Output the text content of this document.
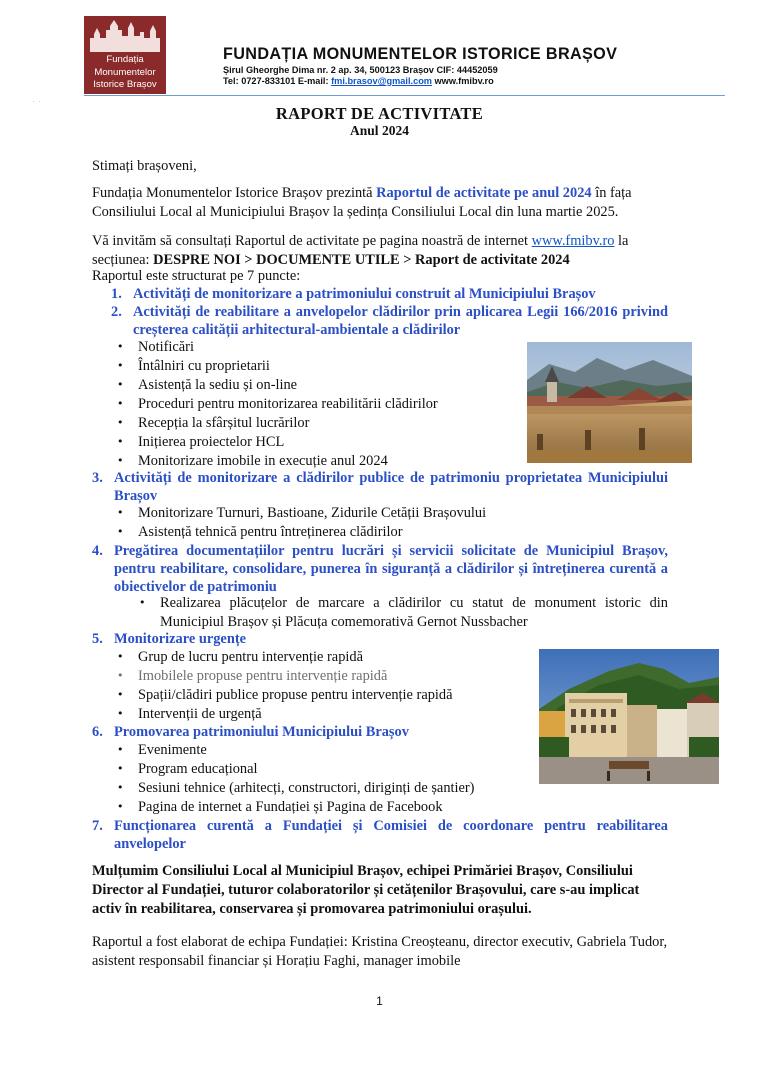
Fundația
Monumentelor
Istorice Brașov
FUNDAȚIA MONUMENTELOR ISTORICE BRAȘOV
Șirul Gheorghe Dima nr. 2 ap. 34, 500123 Brașov CIF: 44452059
Tel: 0727-833101 E-mail: fmi.brasov@gmail.com www.fmibv.ro
..
RAPORT DE ACTIVITATE
Anul 2024

Stimați brașoveni,

Fundația Monumentelor Istorice Brașov prezintă Raportul de activitate pe anul 2024 în fața Consiliului Local al Municipiului Brașov la ședința Consiliului Local din luna martie 2025.

Vă invităm să consultați Raportul de activitate pe pagina noastră de internet www.fmibv.ro la secțiunea: DESPRE NOI > DOCUMENTE UTILE > Raport de activitate 2024

Raportul este structurat pe 7 puncte:

1. Activități de monitorizare a patrimoniului construit al Municipiului Brașov
2. Activități de reabilitare a anvelopelor clădirilor prin aplicarea Legii 166/2016 privind creșterea calității arhitectural-ambientale a clădirilor
• Notificări
• Întâlniri cu proprietarii
• Asistență la sediu și on-line
• Proceduri pentru monitorizarea reabilitării clădirilor
• Recepția la sfârșitul lucrărilor
• Inițierea proiectelor HCL
• Monitorizare imobile in execuție anul 2024
3. Activități de monitorizare a clădirilor publice de patrimoniu proprietatea Municipiului Brașov
• Monitorizare Turnuri, Bastioane, Zidurile Cetății Brașovului
• Asistență tehnică pentru întreținerea clădirilor
4. Pregătirea documentațiilor pentru lucrări și servicii solicitate de Municipiul Brașov, pentru reabilitare, consolidare, punerea în siguranță a clădirilor și întreținerea curentă a obiectivelor de patrimoniu
• Realizarea plăcuțelor de marcare a clădirilor cu statut de monument istoric din Municipiul Brașov și Plăcuța comemorativă Gernot Nussbacher
5. Monitorizare urgențe
• Grup de lucru pentru intervenție rapidă
• Imobilele propuse pentru intervenție rapidă
• Spații/clădiri publice propuse pentru intervenție rapidă
• Intervenții de urgență
6. Promovarea patrimoniului Municipiului Brașov
• Evenimente
• Program educațional
• Sesiuni tehnice (arhitecți, constructori, diriginți de șantier)
• Pagina de internet a Fundației și Pagina de Facebook
7. Funcționarea curentă a Fundației și Comisiei de coordonare pentru reabilitarea anvelopelor

Mulțumim Consiliului Local al Municipiul Brașov, echipei Primăriei Brașov, Consiliului Director al Fundației, tuturor colaboratorilor și cetățenilor Brașovului, care s-au implicat activ în reabilitarea, conservarea și promovarea patrimoniului orașului.

Raportul a fost elaborat de echipa Fundației: Kristina Creoșteanu, director executiv, Gabriela Tudor, asistent responsabil financiar și Horațiu Faghi, manager imobile

1
